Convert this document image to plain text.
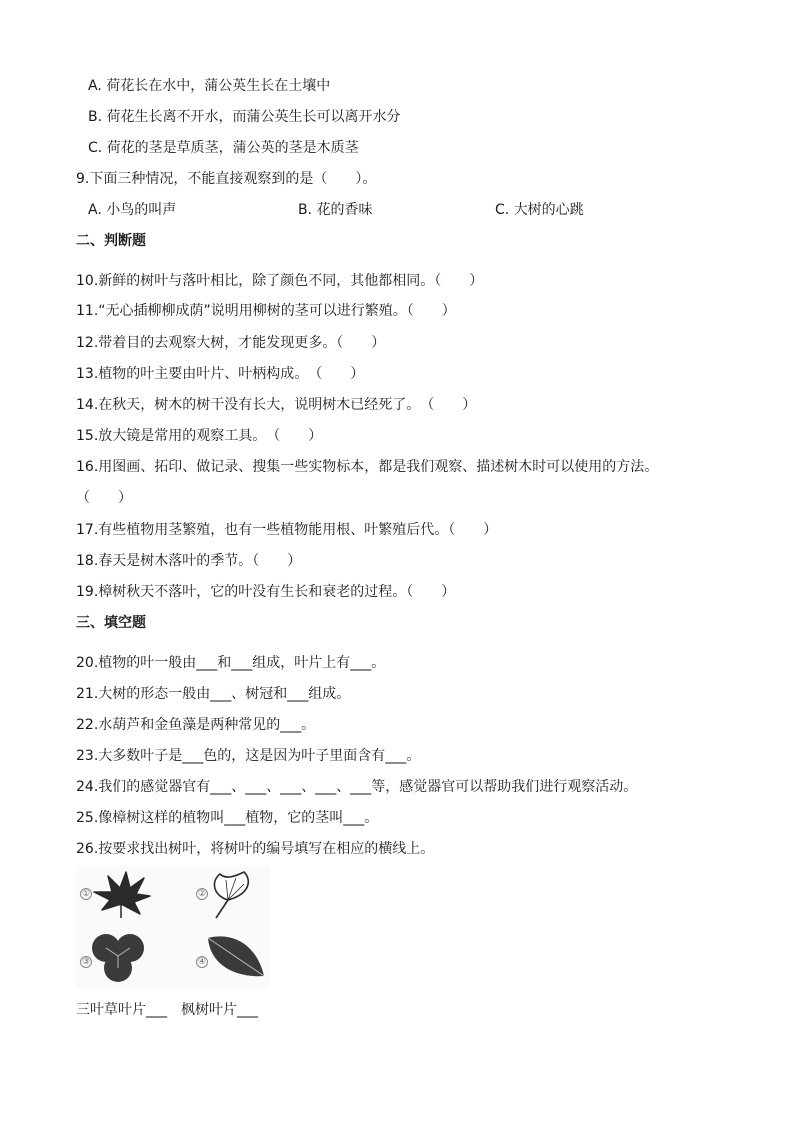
A. 荷花长在水中，蒲公英生长在土壤中
B. 荷花生长离不开水，而蒲公英生长可以离开水分
C. 荷花的茎是草质茎，蒲公英的茎是木质茎
9.下面三种情况，不能直接观察到的是（　　）。
A. 小鸟的叫声	B. 花的香味	C. 大树的心跳
二、判断题
10.新鲜的树叶与落叶相比，除了颜色不同，其他都相同。（　　）
11.“无心插柳柳成荫”说明用柳树的茎可以进行繁殖。（　　）
12.带着目的去观察大树，才能发现更多。（　　）
13.植物的叶主要由叶片、叶柄构成。　（　　）
14.在秋天，树木的树干没有长大，说明树木已经死了。　（　　）
15.放大镜是常用的观察工具。　（　　）
16.用图画、拓印、做记录、搜集一些实物标本，都是我们观察、描述树木时可以使用的方法。
（　　）
17.有些植物用茎繁殖，也有一些植物能用根、叶繁殖后代。（　　）
18.春天是树木落叶的季节。（　　）
19.樟树秋天不落叶，它的叶没有生长和衰老的过程。（　　）
三、填空题
20.植物的叶一般由___和___组成，叶片上有___。
21.大树的形态一般由___、树冠和___组成。
22.水葫芦和金鱼藻是两种常见的___。
23.大多数叶子是___色的，这是因为叶子里面含有___。
24.我们的感觉器官有___、___、___、___、___等，感觉器官可以帮助我们进行观察活动。
25.像樟树这样的植物叫___植物，它的茎叫___。
26.按要求找出树叶，将树叶的编号填写在相应的横线上。
①	②
③	④
三叶草叶片___　枫树叶片___
